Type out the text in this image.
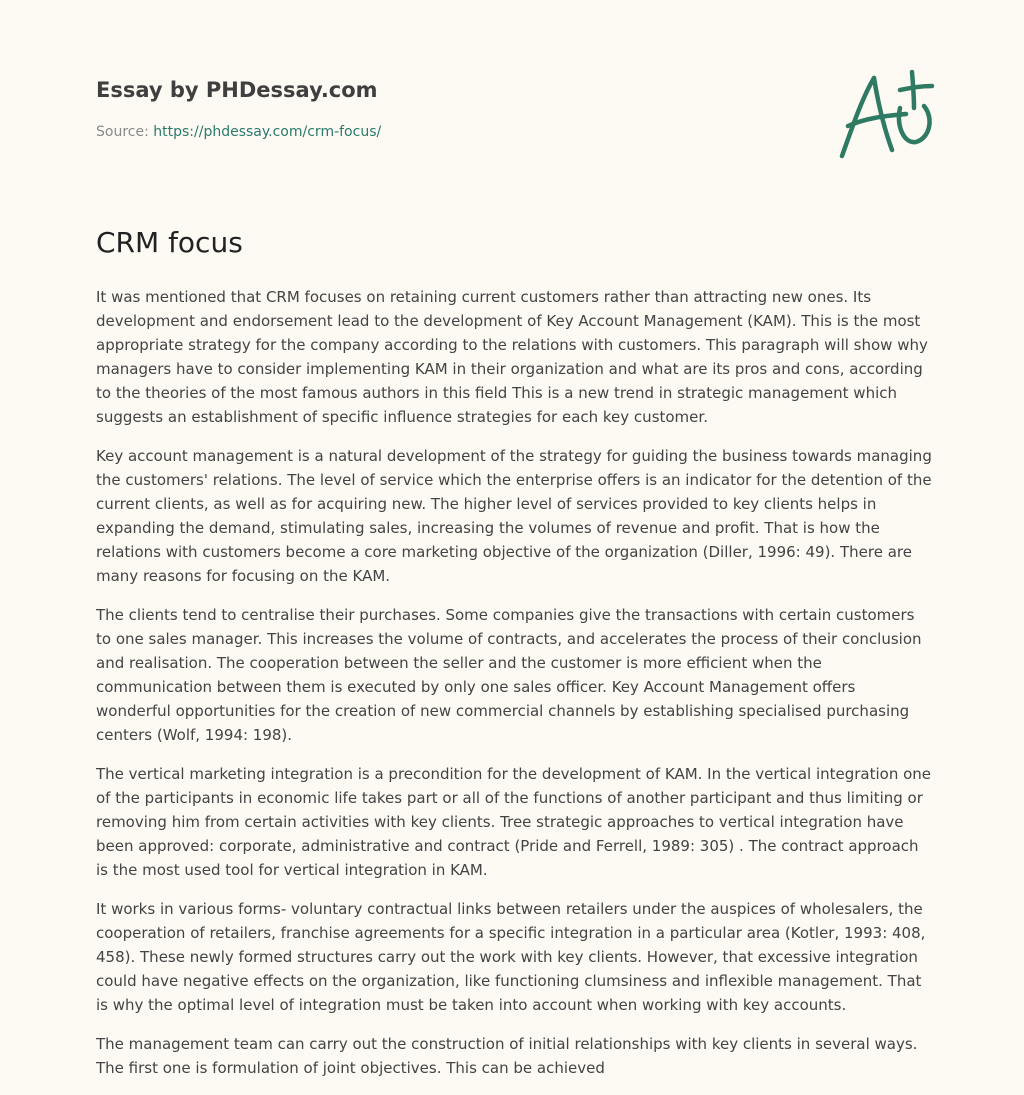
Essay by PHDessay.com
Source: https://phdessay.com/crm-focus/
CRM focus

It was mentioned that CRM focuses on retaining current customers rather than attracting new ones. Its development and endorsement lead to the development of Key Account Management (KAM). This is the most appropriate strategy for the company according to the relations with customers. This paragraph will show why managers have to consider implementing KAM in their organization and what are its pros and cons, according to the theories of the most famous authors in this field This is a new trend in strategic management which suggests an establishment of specific influence strategies for each key customer.

Key account management is a natural development of the strategy for guiding the business towards managing the customers' relations. The level of service which the enterprise offers is an indicator for the detention of the current clients, as well as for acquiring new. The higher level of services provided to key clients helps in expanding the demand, stimulating sales, increasing the volumes of revenue and profit. That is how the relations with customers become a core marketing objective of the organization (Diller, 1996: 49). There are many reasons for focusing on the KAM.

The clients tend to centralise their purchases. Some companies give the transactions with certain customers to one sales manager. This increases the volume of contracts, and accelerates the process of their conclusion and realisation. The cooperation between the seller and the customer is more efficient when the communication between them is executed by only one sales officer. Key Account Management offers wonderful opportunities for the creation of new commercial channels by establishing specialised purchasing centers (Wolf, 1994: 198).

The vertical marketing integration is a precondition for the development of KAM. In the vertical integration one of the participants in economic life takes part or all of the functions of another participant and thus limiting or removing him from certain activities with key clients. Tree strategic approaches to vertical integration have been approved: corporate, administrative and contract (Pride and Ferrell, 1989: 305) . The contract approach is the most used tool for vertical integration in KAM.

It works in various forms- voluntary contractual links between retailers under the auspices of wholesalers, the cooperation of retailers, franchise agreements for a specific integration in a particular area (Kotler, 1993: 408, 458). These newly formed structures carry out the work with key clients. However, that excessive integration could have negative effects on the organization, like functioning clumsiness and inflexible management. That is why the optimal level of integration must be taken into account when working with key accounts.

The management team can carry out the construction of initial relationships with key clients in several ways. The first one is formulation of joint objectives. This can be achieved
